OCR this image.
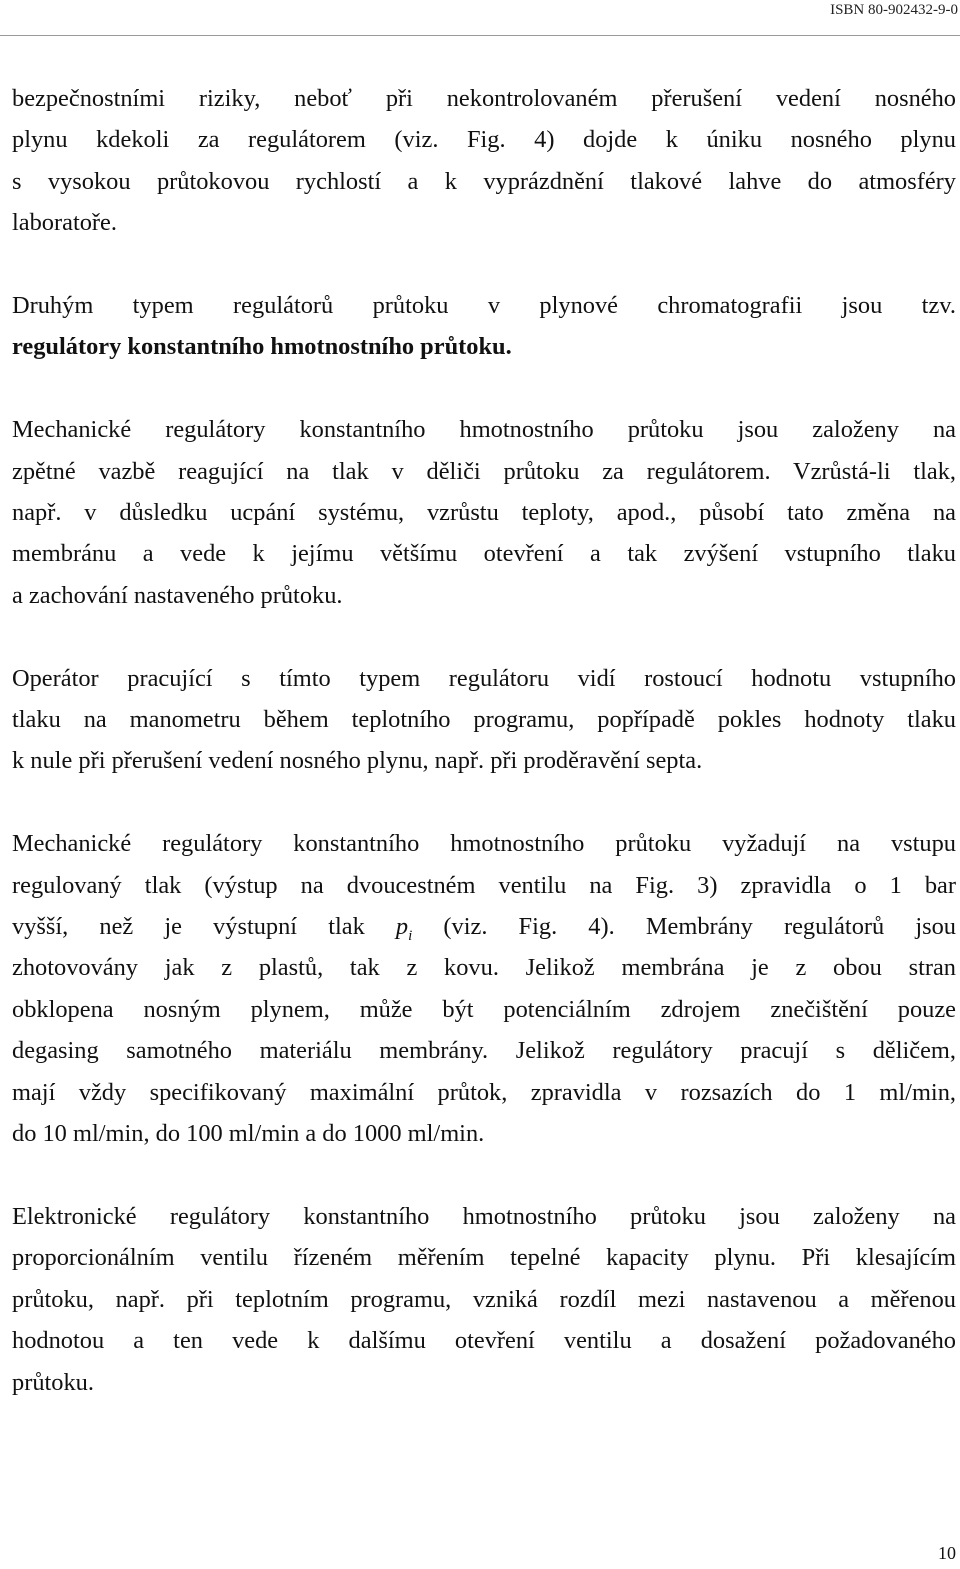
ISBN 80-902432-9-0
bezpečnostními riziky, neboť při nekontrolovaném přerušení vedení nosného
plynu kdekoli za regulátorem (viz. Fig. 4) dojde k úniku nosného plynu
s vysokou průtokovou rychlostí a k vyprázdnění tlakové lahve do atmosféry
laboratoře.
Druhým typem regulátorů průtoku v plynové chromatografii jsou tzv.
regulátory konstantního hmotnostního průtoku.
Mechanické regulátory konstantního hmotnostního průtoku jsou založeny na
zpětné vazbě reagující na tlak v děliči průtoku za regulátorem. Vzrůstá-li tlak,
např. v důsledku ucpání systému, vzrůstu teploty, apod., působí tato změna na
membránu a vede k jejímu většímu otevření a tak zvýšení vstupního tlaku
a zachování nastaveného průtoku.
Operátor pracující s tímto typem regulátoru vidí rostoucí hodnotu vstupního
tlaku na manometru během teplotního programu, popřípadě pokles hodnoty tlaku
k nule při přerušení vedení nosného plynu, např. při proděravění septa.
Mechanické regulátory konstantního hmotnostního průtoku vyžadují na vstupu
regulovaný tlak (výstup na dvoucestném ventilu na Fig. 3) zpravidla o 1 bar
vyšší, než je výstupní tlak $p_i$ (viz. Fig. 4). Membrány regulátorů jsou
zhotovovány jak z plastů, tak z kovu. Jelikož membrána je z obou stran
obklopena nosným plynem, může být potenciálním zdrojem znečištění pouze
degasing samotného materiálu membrány. Jelikož regulátory pracují s děličem,
mají vždy specifikovaný maximální průtok, zpravidla v rozsazích do 1 ml/min,
do 10 ml/min, do 100 ml/min a do 1000 ml/min.
Elektronické regulátory konstantního hmotnostního průtoku jsou založeny na
proporcionálním ventilu řízeném měřením tepelné kapacity plynu. Při klesajícím
průtoku, např. při teplotním programu, vzniká rozdíl mezi nastavenou a měřenou
hodnotou a ten vede k dalšímu otevření ventilu a dosažení požadovaného
průtoku.
10
